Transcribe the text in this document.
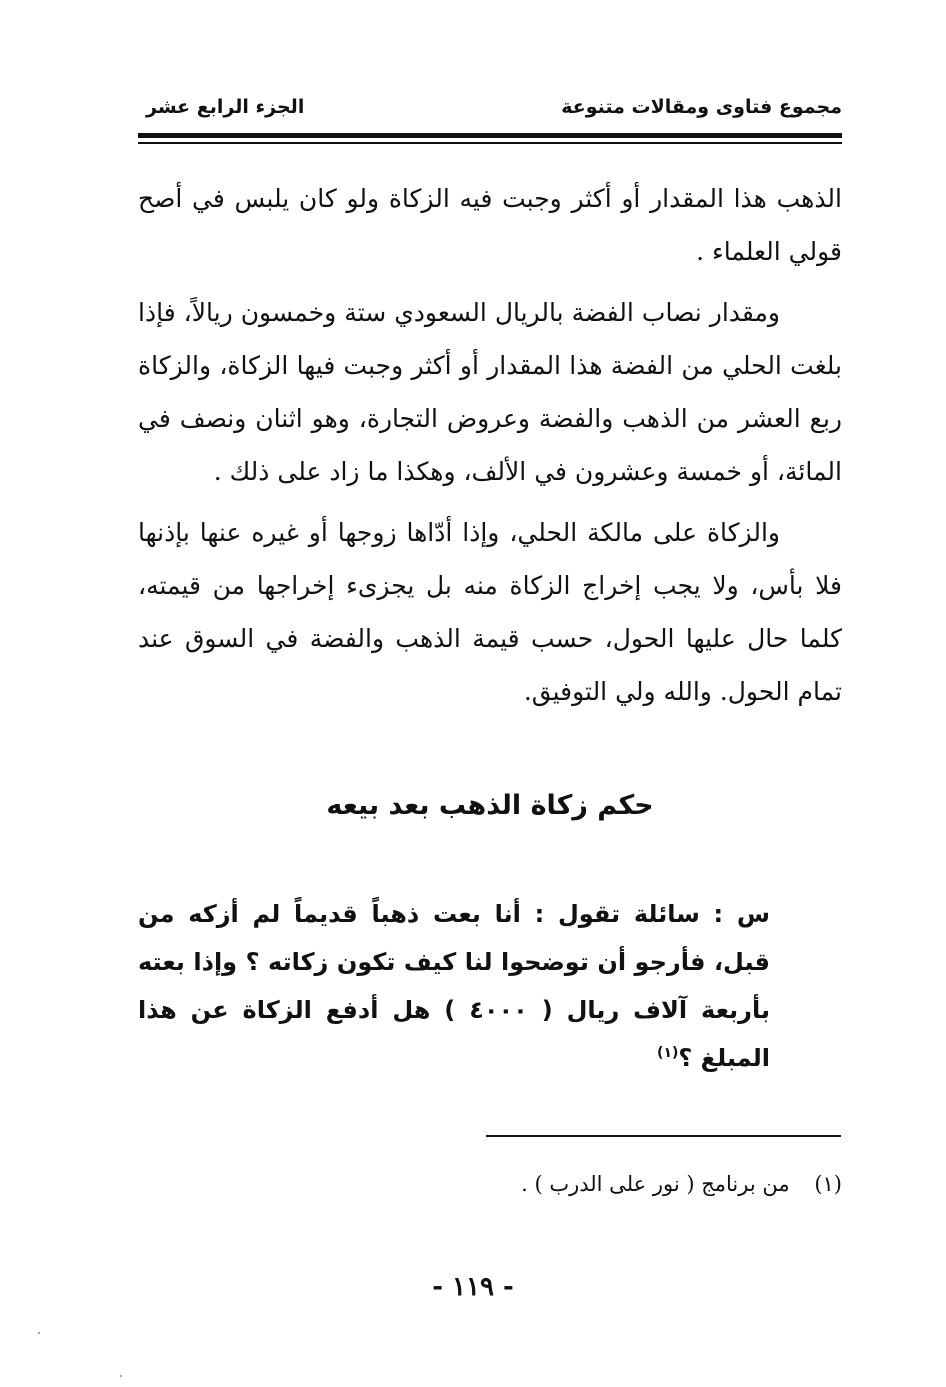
مجموع فتاوى ومقالات متنوعة
الجزء الرابع عشر

الذهب هذا المقدار أو أكثر وجبت فيه الزكاة ولو كان يلبس في أصح قولي العلماء .

ومقدار نصاب الفضة بالريال السعودي ستة وخمسون ريالاً، فإذا بلغت الحلي من الفضة هذا المقدار أو أكثر وجبت فيها الزكاة، والزكاة ربع العشر من الذهب والفضة وعروض التجارة، وهو اثنان ونصف في المائة، أو خمسة وعشرون في الألف، وهكذا ما زاد على ذلك .

والزكاة على مالكة الحلي، وإذا أدّاها زوجها أو غيره عنها بإذنها فلا بأس، ولا يجب إخراج الزكاة منه بل يجزىء إخراجها من قيمته، كلما حال عليها الحول، حسب قيمة الذهب والفضة في السوق عند تمام الحول. والله ولي التوفيق.

حكم زكاة الذهب بعد بيعه
س : سائلة تقول : أنا بعت ذهباً قديماً لم أزكه من قبل، فأرجو أن توضحوا لنا كيف تكون زكاته ؟ وإذا بعته بأربعة آلاف ريال ( ٤٠٠٠ ) هل أدفع الزكاة عن هذا المبلغ ؟$^{(١)}$
(١) من برنامج ( نور على الدرب ) .
- ١١٩ -
